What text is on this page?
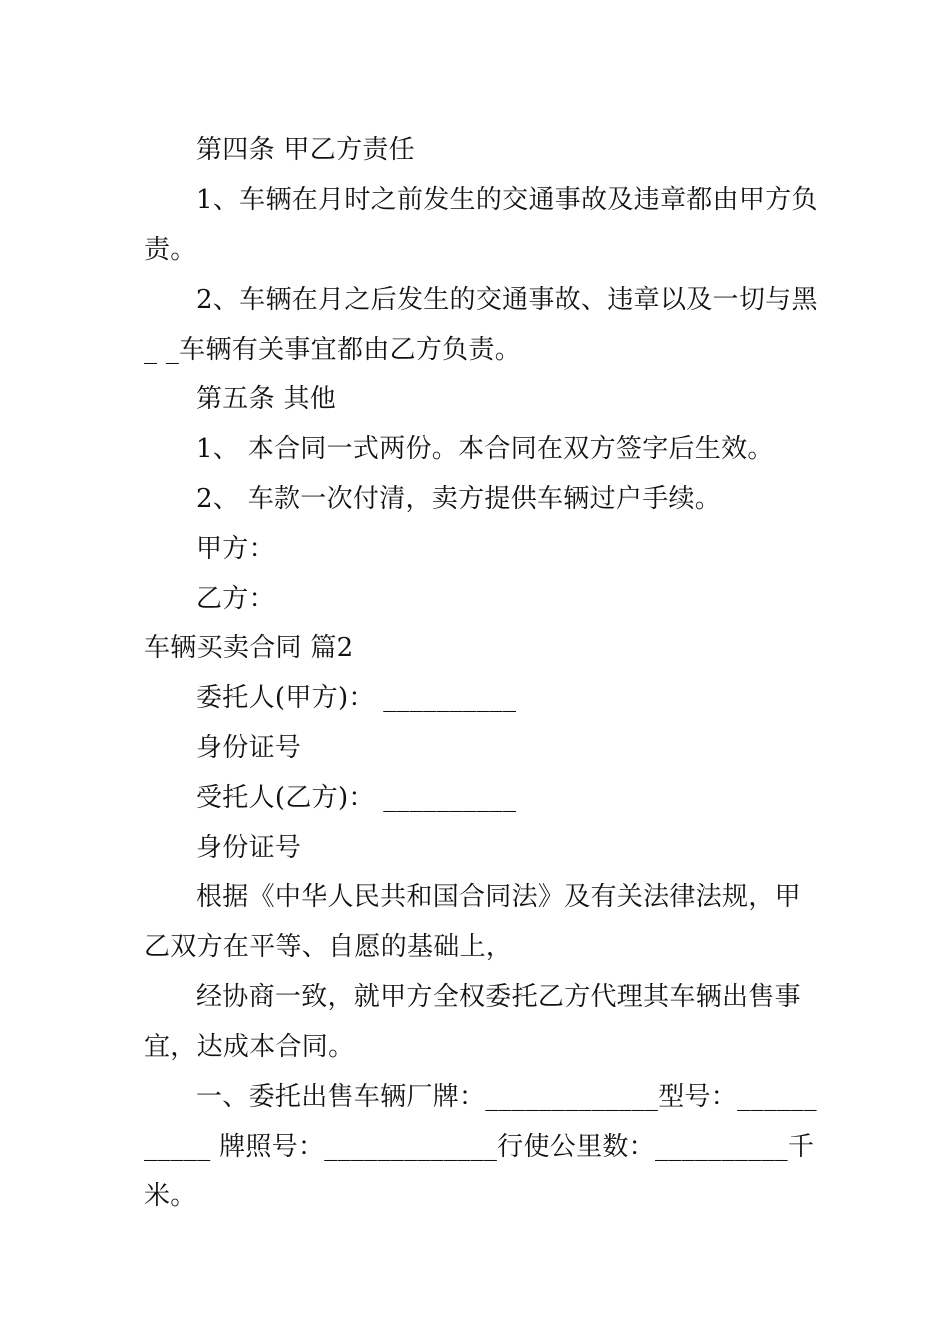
第四条 甲乙方责任
1、车辆在月时之前发生的交通事故及违章都由甲方负
责。
2、车辆在月之后发生的交通事故、违章以及一切与黑
_ _车辆有关事宜都由乙方负责。
第五条 其他
1、 本合同一式两份。本合同在双方签字后生效。
2、 车款一次付清，卖方提供车辆过户手续。
甲方：
乙方：
车辆买卖合同 篇2
委托人(甲方)： __________
身份证号
受托人(乙方)： __________
身份证号
根据《中华人民共和国合同法》及有关法律法规，甲
乙双方在平等、自愿的基础上，
经协商一致，就甲方全权委托乙方代理其车辆出售事
宜，达成本合同。
一、委托出售车辆厂牌：_____________型号：______
_____ 牌照号：_____________行使公里数：__________千
米。
